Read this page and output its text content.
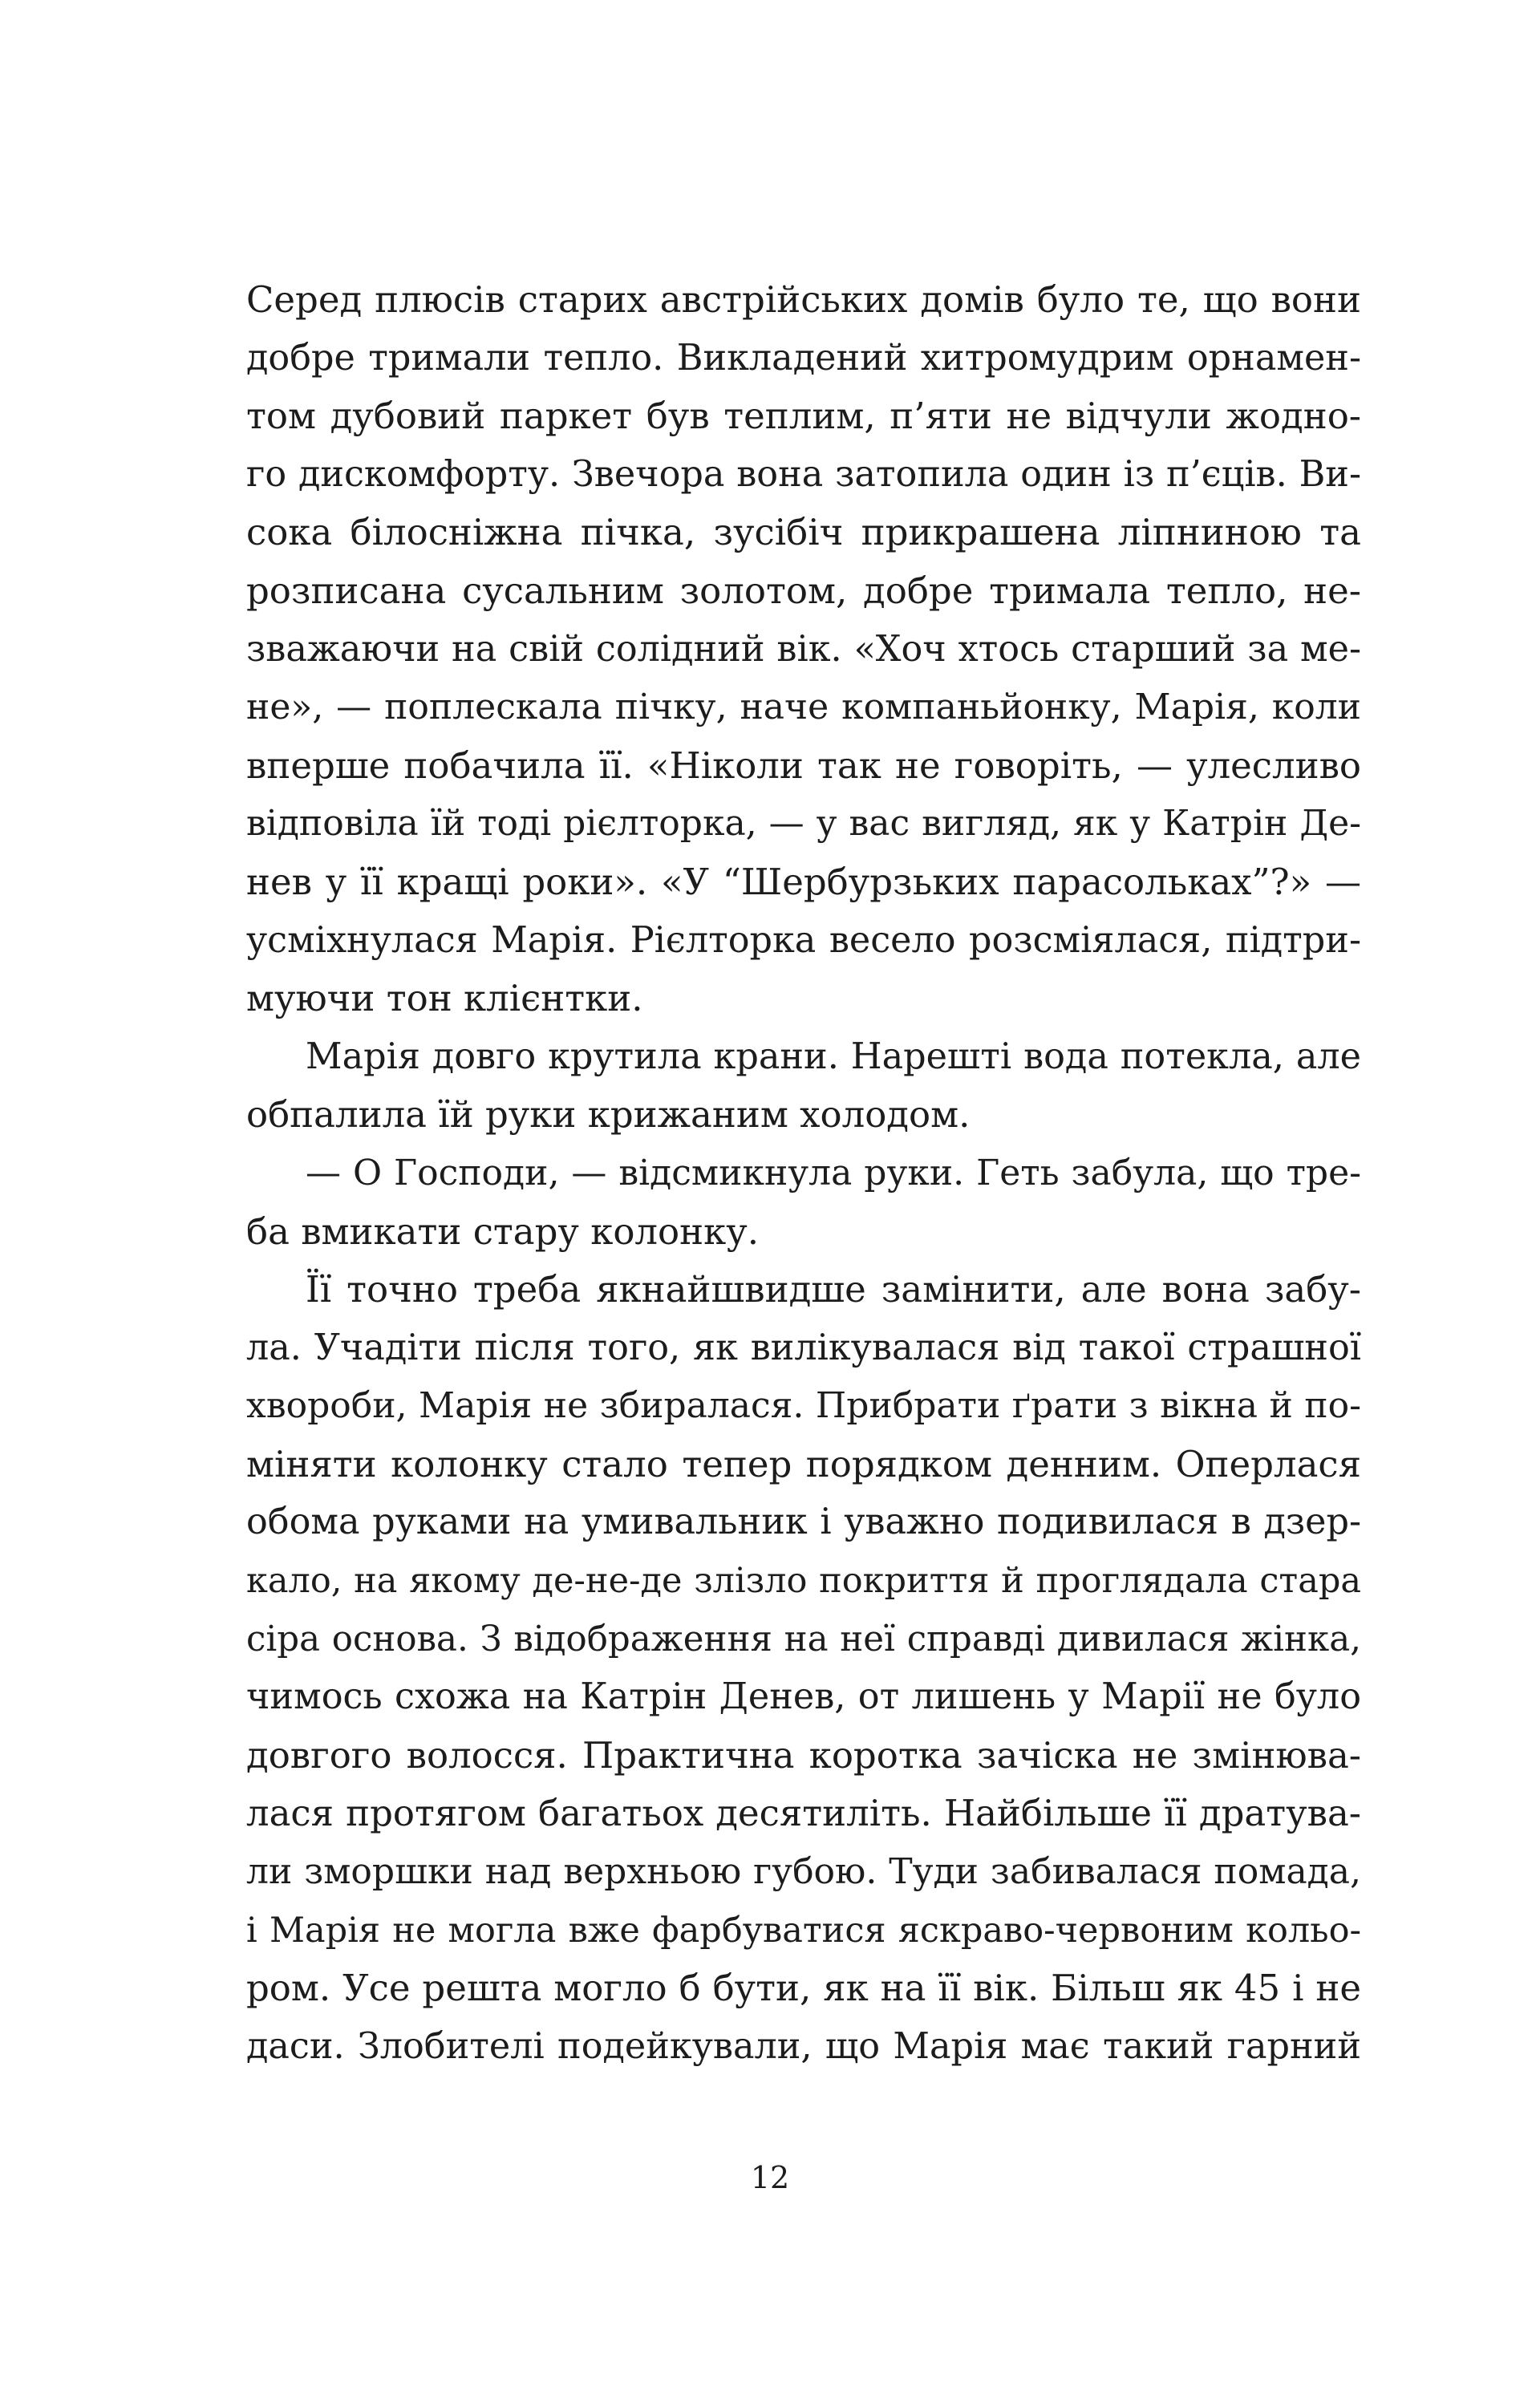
Серед плюсів старих австрійських домів було те, що вони
добре тримали тепло. Викладений хитромудрим орнамен-
том дубовий паркет був теплим, п’яти не відчули жодно-
го дискомфорту. Звечора вона затопила один із п’єців. Ви-
сока білосніжна пічка, зусібіч прикрашена ліпниною та
розписана сусальним золотом, добре тримала тепло, не-
зважаючи на свій солідний вік. «Хоч хтось старший за ме-
не», — поплескала пічку, наче компаньйонку, Марія, коли
вперше побачила її. «Ніколи так не говоріть, — улесливо
відповіла їй тоді рієлторка, — у вас вигляд, як у Катрін Де-
нев у її кращі роки». «У “Шербурзьких парасольках”?» —
усміхнулася Марія. Рієлторка весело розсміялася, підтри-
муючи тон клієнтки.
Марія довго крутила крани. Нарешті вода потекла, але
обпалила їй руки крижаним холодом.
— О Господи, — відсмикнула руки. Геть забула, що тре-
ба вмикати стару колонку.
Її точно треба якнайшвидше замінити, але вона забу-
ла. Учадіти після того, як вилікувалася від такої страшної
хвороби, Марія не збиралася. Прибрати ґрати з вікна й по-
міняти колонку стало тепер порядком денним. Оперлася
обома руками на умивальник і уважно подивилася в дзер-
кало, на якому де-не-де злізло покриття й проглядала стара
сіра основа. З відображення на неї справді дивилася жінка,
чимось схожа на Катрін Денев, от лишень у Марії не було
довгого волосся. Практична коротка зачіска не змінюва-
лася протягом багатьох десятиліть. Найбільше її дратува-
ли зморшки над верхньою губою. Туди забивалася помада,
і Марія не могла вже фарбуватися яскраво-червоним кольо-
ром. Усе решта могло б бути, як на її вік. Більш як 45 і не
даси. Злобителі подейкували, що Марія має такий гарний
12
